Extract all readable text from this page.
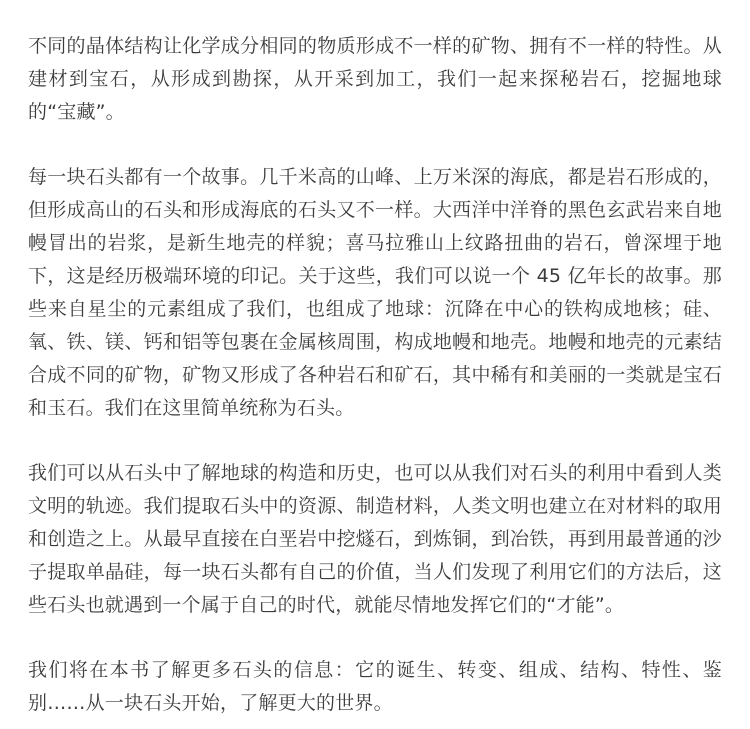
不同的晶体结构让化学成分相同的物质形成不一样的矿物、拥有不一样的特性。从建材到宝石，从形成到勘探，从开采到加工，我们一起来探秘岩石，挖掘地球的“宝藏”。

每一块石头都有一个故事。几千米高的山峰、上万米深的海底，都是岩石形成的，但形成高山的石头和形成海底的石头又不一样。大西洋中洋脊的黑色玄武岩来自地幔冒出的岩浆，是新生地壳的样貌；喜马拉雅山上纹路扭曲的岩石，曾深埋于地下，这是经历极端环境的印记。关于这些，我们可以说一个 45 亿年长的故事。那些来自星尘的元素组成了我们，也组成了地球：沉降在中心的铁构成地核；硅、氧、铁、镁、钙和铝等包裹在金属核周围，构成地幔和地壳。地幔和地壳的元素结合成不同的矿物，矿物又形成了各种岩石和矿石，其中稀有和美丽的一类就是宝石和玉石。我们在这里简单统称为石头。

我们可以从石头中了解地球的构造和历史，也可以从我们对石头的利用中看到人类文明的轨迹。我们提取石头中的资源、制造材料，人类文明也建立在对材料的取用和创造之上。从最早直接在白垩岩中挖燧石，到炼铜，到冶铁，再到用最普通的沙子提取单晶硅，每一块石头都有自己的价值，当人们发现了利用它们的方法后，这些石头也就遇到一个属于自己的时代，就能尽情地发挥它们的“才能”。

我们将在本书了解更多石头的信息：它的诞生、转变、组成、结构、特性、鉴别……从一块石头开始，了解更大的世界。
